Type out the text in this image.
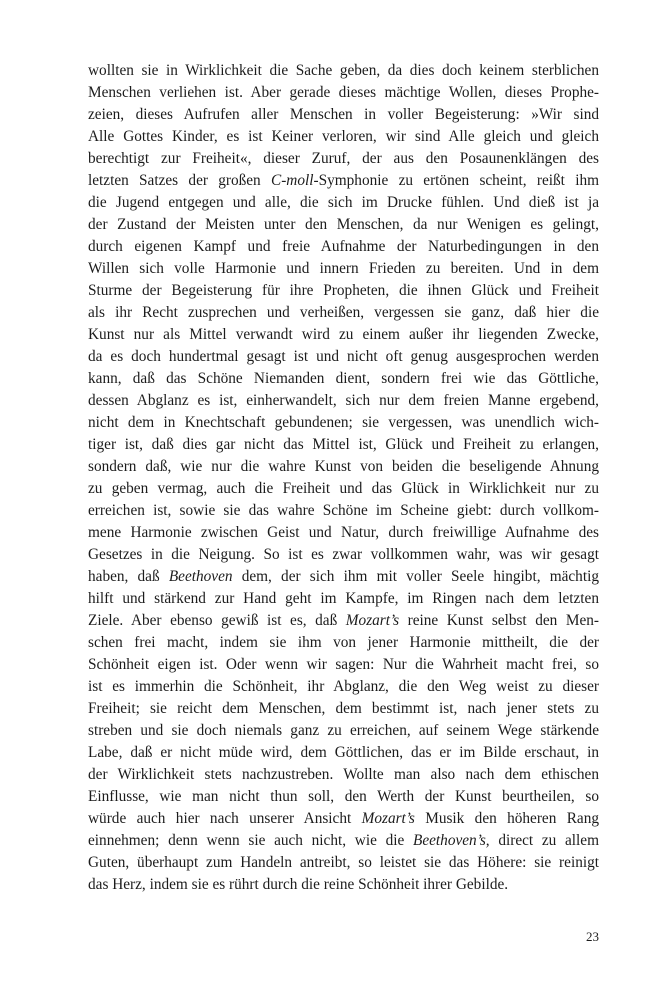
wollten sie in Wirklichkeit die Sache geben, da dies doch keinem sterblichen
Menschen verliehen ist. Aber gerade dieses mächtige Wollen, dieses Prophe-
zeien, dieses Aufrufen aller Menschen in voller Begeisterung: »Wir sind
Alle Gottes Kinder, es ist Keiner verloren, wir sind Alle gleich und gleich
berechtigt zur Freiheit«, dieser Zuruf, der aus den Posaunenklängen des
letzten Satzes der großen C-moll-Symphonie zu ertönen scheint, reißt ihm
die Jugend entgegen und alle, die sich im Drucke fühlen. Und dieß ist ja
der Zustand der Meisten unter den Menschen, da nur Wenigen es gelingt,
durch eigenen Kampf und freie Aufnahme der Naturbedingungen in den
Willen sich volle Harmonie und innern Frieden zu bereiten. Und in dem
Sturme der Begeisterung für ihre Propheten, die ihnen Glück und Freiheit
als ihr Recht zusprechen und verheißen, vergessen sie ganz, daß hier die
Kunst nur als Mittel verwandt wird zu einem außer ihr liegenden Zwecke,
da es doch hundertmal gesagt ist und nicht oft genug ausgesprochen werden
kann, daß das Schöne Niemanden dient, sondern frei wie das Göttliche,
dessen Abglanz es ist, einherwandelt, sich nur dem freien Manne ergebend,
nicht dem in Knechtschaft gebundenen; sie vergessen, was unendlich wich-
tiger ist, daß dies gar nicht das Mittel ist, Glück und Freiheit zu erlangen,
sondern daß, wie nur die wahre Kunst von beiden die beseligende Ahnung
zu geben vermag, auch die Freiheit und das Glück in Wirklichkeit nur zu
erreichen ist, sowie sie das wahre Schöne im Scheine giebt: durch vollkom-
mene Harmonie zwischen Geist und Natur, durch freiwillige Aufnahme des
Gesetzes in die Neigung. So ist es zwar vollkommen wahr, was wir gesagt
haben, daß Beethoven dem, der sich ihm mit voller Seele hingibt, mächtig
hilft und stärkend zur Hand geht im Kampfe, im Ringen nach dem letzten
Ziele. Aber ebenso gewiß ist es, daß Mozart’s reine Kunst selbst den Men-
schen frei macht, indem sie ihm von jener Harmonie mittheilt, die der
Schönheit eigen ist. Oder wenn wir sagen: Nur die Wahrheit macht frei, so
ist es immerhin die Schönheit, ihr Abglanz, die den Weg weist zu dieser
Freiheit; sie reicht dem Menschen, dem bestimmt ist, nach jener stets zu
streben und sie doch niemals ganz zu erreichen, auf seinem Wege stärkende
Labe, daß er nicht müde wird, dem Göttlichen, das er im Bilde erschaut, in
der Wirklichkeit stets nachzustreben. Wollte man also nach dem ethischen
Einflusse, wie man nicht thun soll, den Werth der Kunst beurtheilen, so
würde auch hier nach unserer Ansicht Mozart’s Musik den höheren Rang
einnehmen; denn wenn sie auch nicht, wie die Beethoven’s, direct zu allem
Guten, überhaupt zum Handeln antreibt, so leistet sie das Höhere: sie reinigt
das Herz, indem sie es rührt durch die reine Schönheit ihrer Gebilde.
23
